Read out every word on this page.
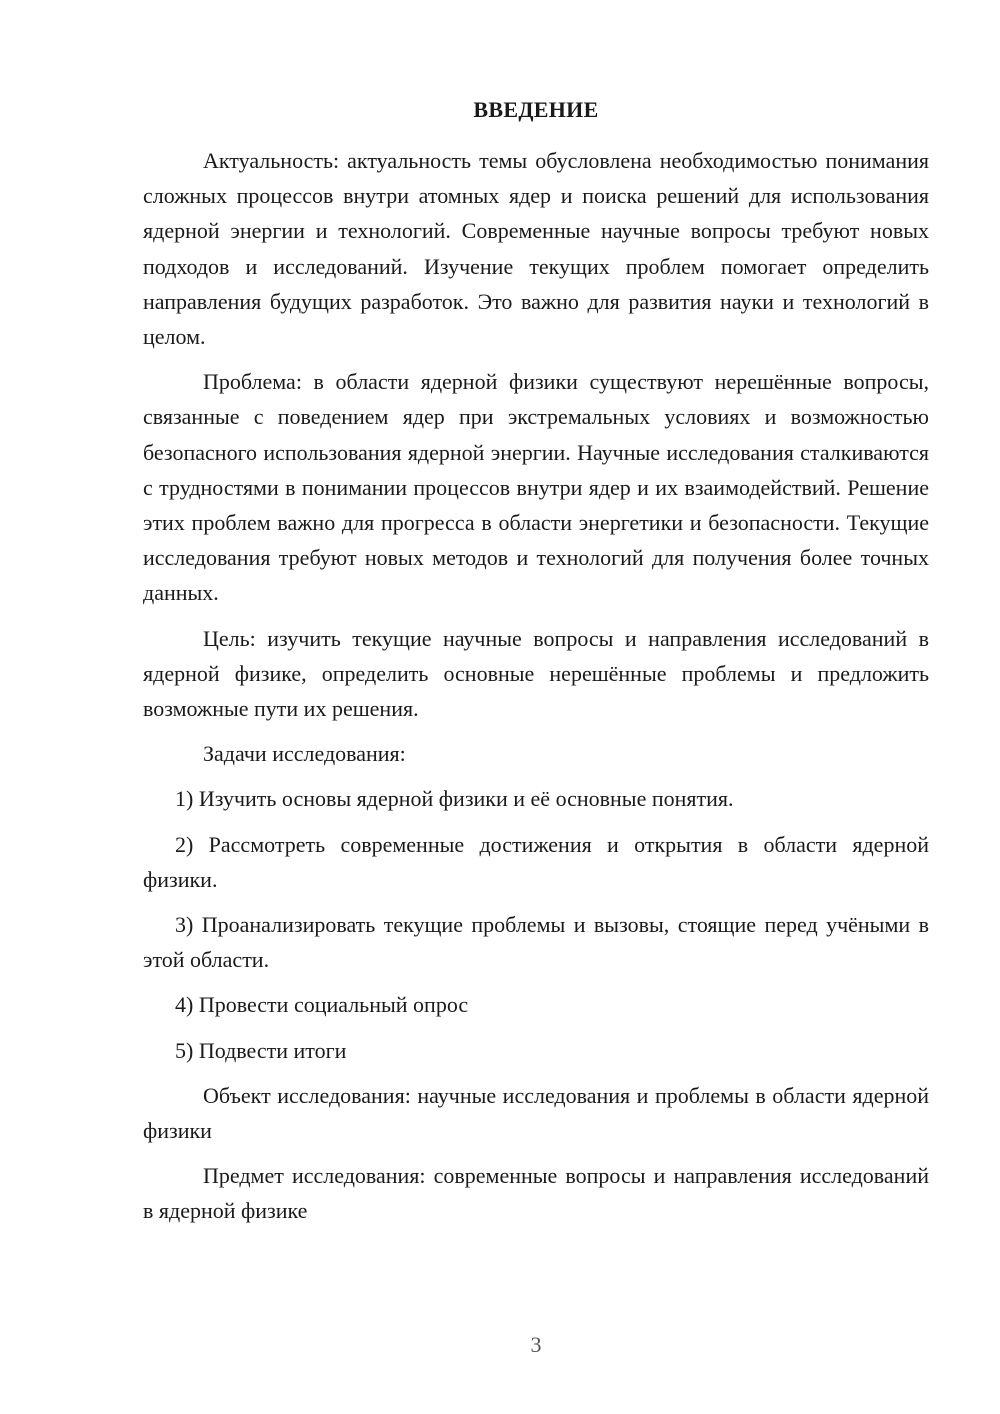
ВВЕДЕНИЕ

Актуальность: актуальность темы обусловлена необходимостью понимания сложных процессов внутри атомных ядер и поиска решений для использования ядерной энергии и технологий. Современные научные вопросы требуют новых подходов и исследований. Изучение текущих проблем помогает определить направления будущих разработок. Это важно для развития науки и технологий в целом.

Проблема: в области ядерной физики существуют нерешённые вопросы, связанные с поведением ядер при экстремальных условиях и возможностью безопасного использования ядерной энергии. Научные исследования сталкиваются с трудностями в понимании процессов внутри ядер и их взаимодействий. Решение этих проблем важно для прогресса в области энергетики и безопасности. Текущие исследования требуют новых методов и технологий для получения более точных данных.

Цель: изучить текущие научные вопросы и направления исследований в ядерной физике, определить основные нерешённые проблемы и предложить возможные пути их решения.

Задачи исследования:

1) Изучить основы ядерной физики и её основные понятия.

2) Рассмотреть современные достижения и открытия в области ядерной физики.

3) Проанализировать текущие проблемы и вызовы, стоящие перед учёными в этой области.

4) Провести социальный опрос

5) Подвести итоги

Объект исследования: научные исследования и проблемы в области ядерной физики

Предмет исследования: современные вопросы и направления исследований в ядерной физике

3
